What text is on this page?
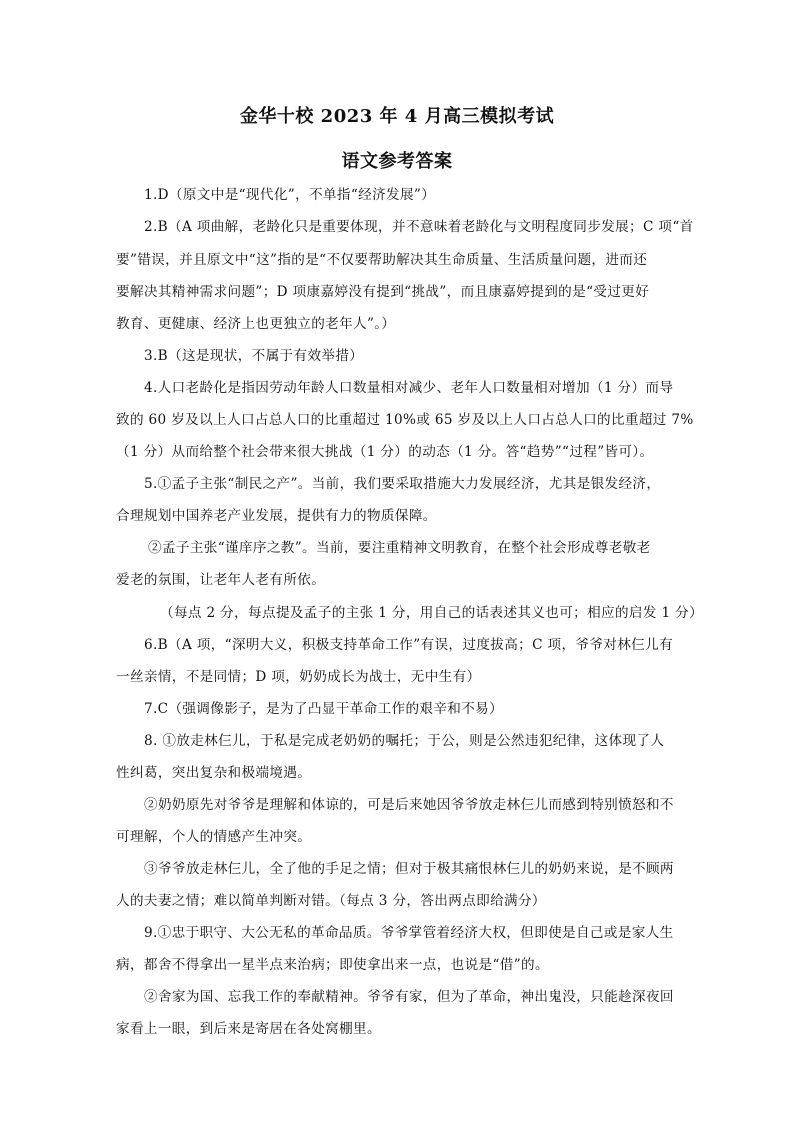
金华十校 2023 年 4 月高三模拟考试
语文参考答案
1.D（原文中是“现代化”，不单指“经济发展”）
2.B（A 项曲解，老龄化只是重要体现，并不意味着老龄化与文明程度同步发展；C 项“首
要”错误，并且原文中“这”指的是“不仅要帮助解决其生命质量、生活质量问题，进而还
要解决其精神需求问题”；D 项康嘉婷没有提到“挑战”，而且康嘉婷提到的是“受过更好
教育、更健康、经济上也更独立的老年人”。）
3.B（这是现状，不属于有效举措）
4.人口老龄化是指因劳动年龄人口数量相对减少、老年人口数量相对增加（1 分）而导
致的 60 岁及以上人口占总人口的比重超过 10%或 65 岁及以上人口占总人口的比重超过 7%
（1 分）从而给整个社会带来很大挑战（1 分）的动态（1 分。答“趋势”“过程”皆可）。
5.①孟子主张“制民之产”。当前，我们要采取措施大力发展经济，尤其是银发经济，
合理规划中国养老产业发展，提供有力的物质保障。
②孟子主张“谨庠序之教”。当前，要注重精神文明教育，在整个社会形成尊老敬老
爱老的氛围，让老年人老有所依。
（每点 2 分，每点提及孟子的主张 1 分，用自己的话表述其义也可；相应的启发 1 分）
6.B（A 项，“深明大义，积极支持革命工作”有误，过度拔高；C 项，爷爷对林仨儿有
一丝亲情，不是同情；D 项，奶奶成长为战士，无中生有）
7.C（强调像影子，是为了凸显干革命工作的艰辛和不易）
8. ①放走林仨儿，于私是完成老奶奶的嘱托；于公，则是公然违犯纪律，这体现了人
性纠葛，突出复杂和极端境遇。
②奶奶原先对爷爷是理解和体谅的，可是后来她因爷爷放走林仨儿而感到特别愤怒和不
可理解，个人的情感产生冲突。
③爷爷放走林仨儿，全了他的手足之情；但对于极其痛恨林仨儿的奶奶来说，是不顾两
人的夫妻之情；难以简单判断对错。（每点 3 分，答出两点即给满分）
9.①忠于职守、大公无私的革命品质。爷爷掌管着经济大权，但即使是自己或是家人生
病，都舍不得拿出一星半点来治病；即使拿出来一点，也说是“借”的。
②舍家为国、忘我工作的奉献精神。爷爷有家，但为了革命，神出鬼没，只能趁深夜回
家看上一眼，到后来是寄居在各处窝棚里。
